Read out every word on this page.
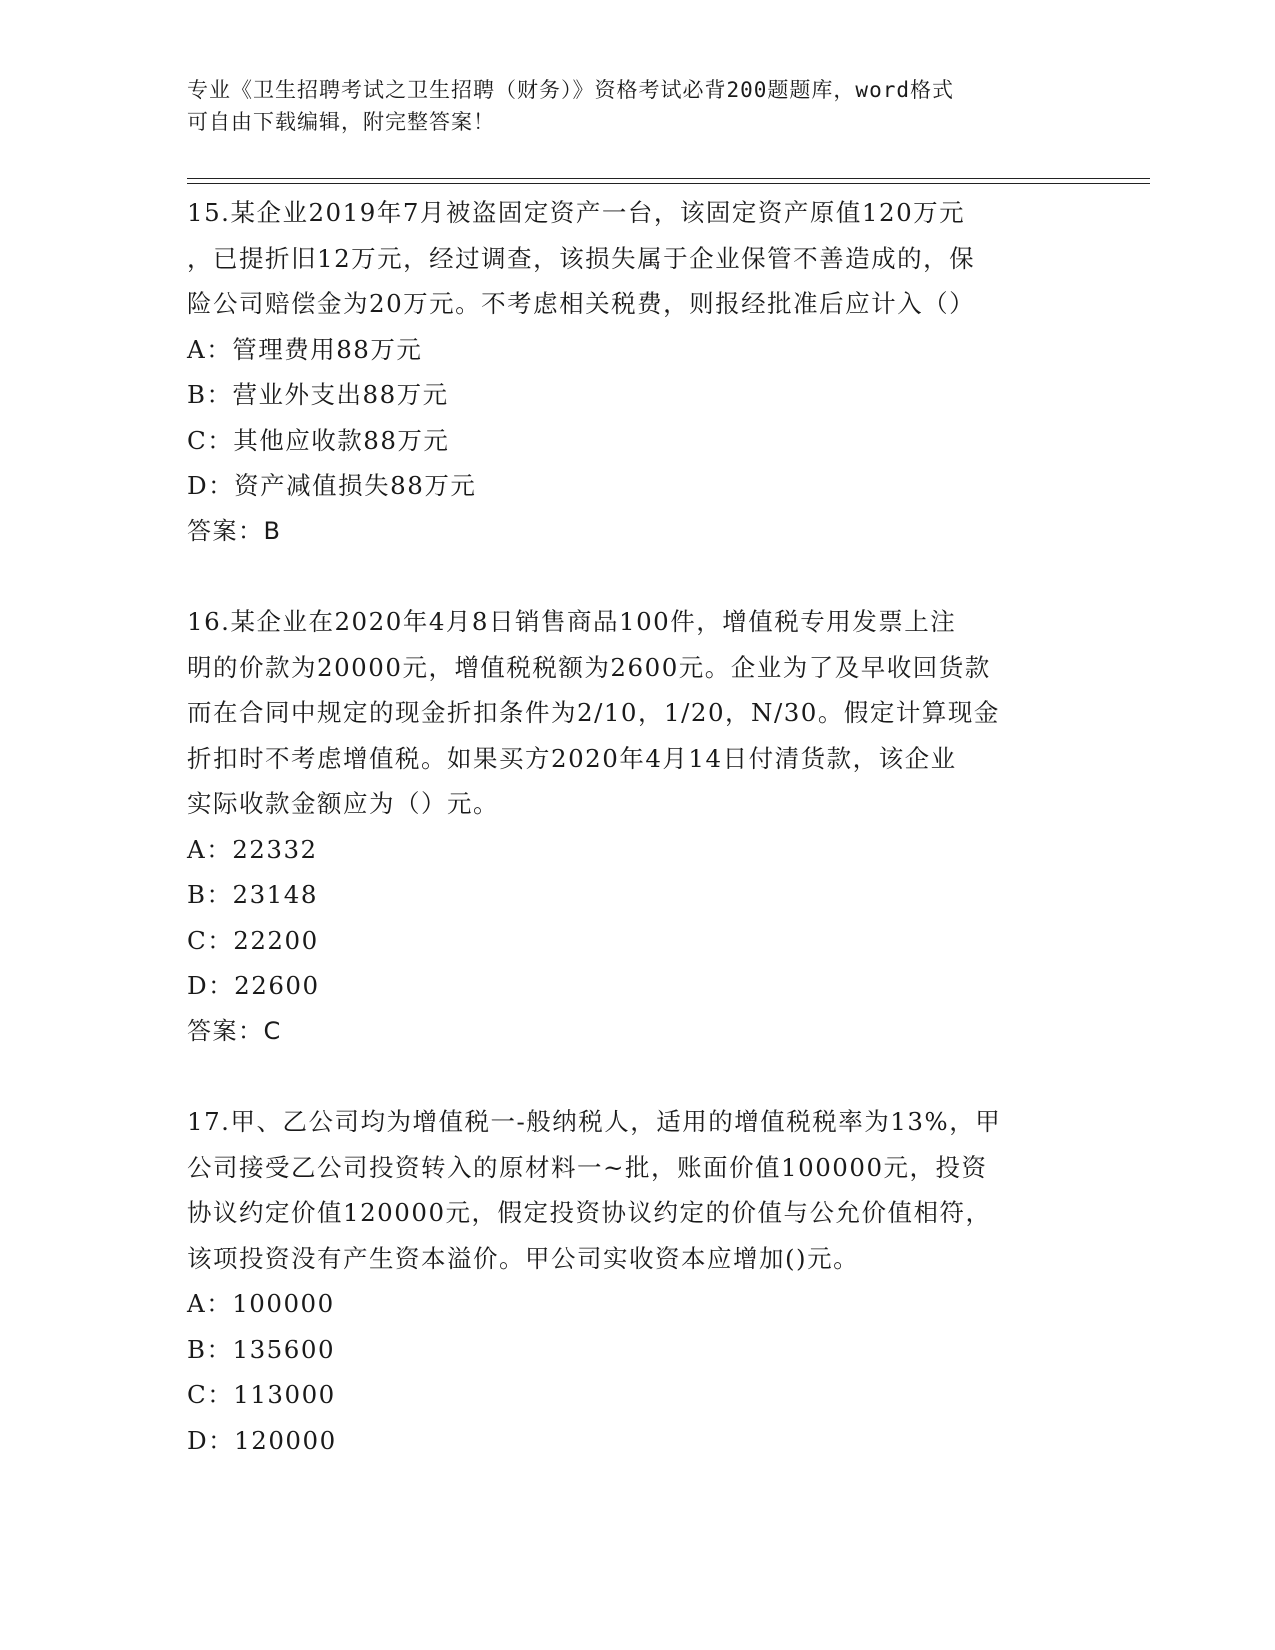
专业《卫生招聘考试之卫生招聘（财务）》资格考试必背200题题库，word格式
可自由下载编辑，附完整答案！
15.某企业2019年7月被盗固定资产一台，该固定资产原值120万元
，已提折旧12万元，经过调查，该损失属于企业保管不善造成的，保
险公司赔偿金为20万元。不考虑相关税费，则报经批准后应计入（）
A：管理费用88万元
B：营业外支出88万元
C：其他应收款88万元
D：资产减值损失88万元
答案：B
16.某企业在2020年4月8日销售商品100件，增值税专用发票上注
明的价款为20000元，增值税税额为2600元。企业为了及早收回货款
而在合同中规定的现金折扣条件为2/10，1/20，N/30。假定计算现金
折扣时不考虑增值税。如果买方2020年4月14日付清货款，该企业
实际收款金额应为（）元。
A：22332
B：23148
C：22200
D：22600
答案：C
17.甲、乙公司均为增值税一-般纳税人，适用的增值税税率为13%，甲
公司接受乙公司投资转入的原材料一~批，账面价值100000元，投资
协议约定价值120000元，假定投资协议约定的价值与公允价值相符，
该项投资没有产生资本溢价。甲公司实收资本应增加()元。
A：100000
B：135600
C：113000
D：120000
